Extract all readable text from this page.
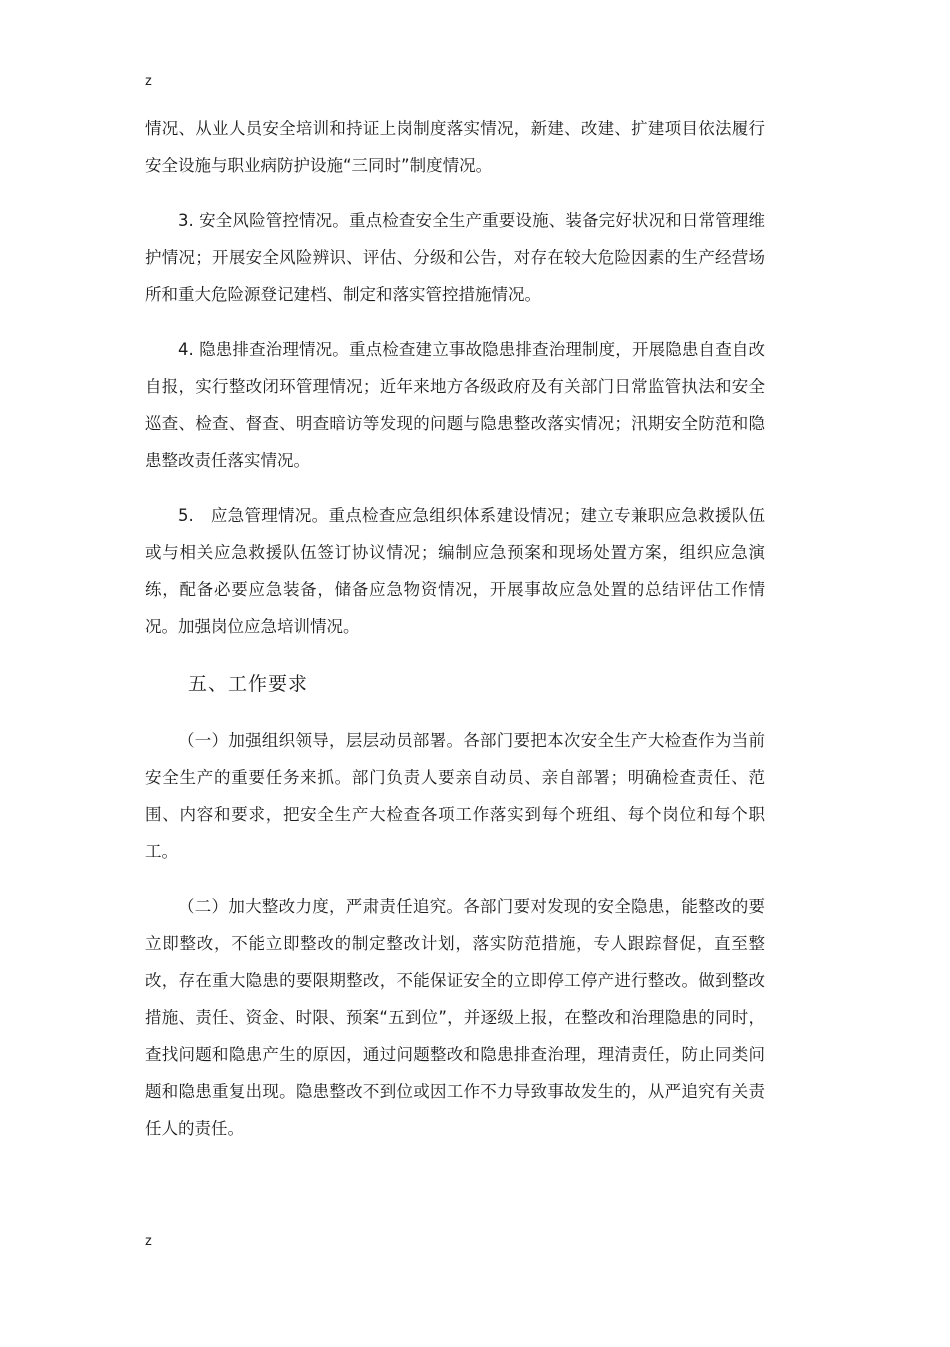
z

情况、从业人员安全培训和持证上岗制度落实情况，新建、改建、扩建项目依法履行安全设施与职业病防护设施“三同时”制度情况。

3. 安全风险管控情况。重点检查安全生产重要设施、装备完好状况和日常管理维护情况；开展安全风险辨识、评估、分级和公告，对存在较大危险因素的生产经营场所和重大危险源登记建档、制定和落实管控措施情况。

4. 隐患排查治理情况。重点检查建立事故隐患排查治理制度，开展隐患自查自改自报，实行整改闭环管理情况；近年来地方各级政府及有关部门日常监管执法和安全巡查、检查、督查、明查暗访等发现的问题与隐患整改落实情况；汛期安全防范和隐患整改责任落实情况。

5.　应急管理情况。重点检查应急组织体系建设情况；建立专兼职应急救援队伍或与相关应急救援队伍签订协议情况；编制应急预案和现场处置方案，组织应急演练，配备必要应急装备，储备应急物资情况，开展事故应急处置的总结评估工作情况。加强岗位应急培训情况。

五、工作要求

（一）加强组织领导，层层动员部署。各部门要把本次安全生产大检查作为当前安全生产的重要任务来抓。部门负责人要亲自动员、亲自部署；明确检查责任、范围、内容和要求，把安全生产大检查各项工作落实到每个班组、每个岗位和每个职工。

（二）加大整改力度，严肃责任追究。各部门要对发现的安全隐患，能整改的要立即整改，不能立即整改的制定整改计划，落实防范措施，专人跟踪督促，直至整改，存在重大隐患的要限期整改，不能保证安全的立即停工停产进行整改。做到整改措施、责任、资金、时限、预案“五到位”，并逐级上报，在整改和治理隐患的同时，查找问题和隐患产生的原因，通过问题整改和隐患排查治理，理清责任，防止同类问题和隐患重复出现。隐患整改不到位或因工作不力导致事故发生的，从严追究有关责任人的责任。

z
